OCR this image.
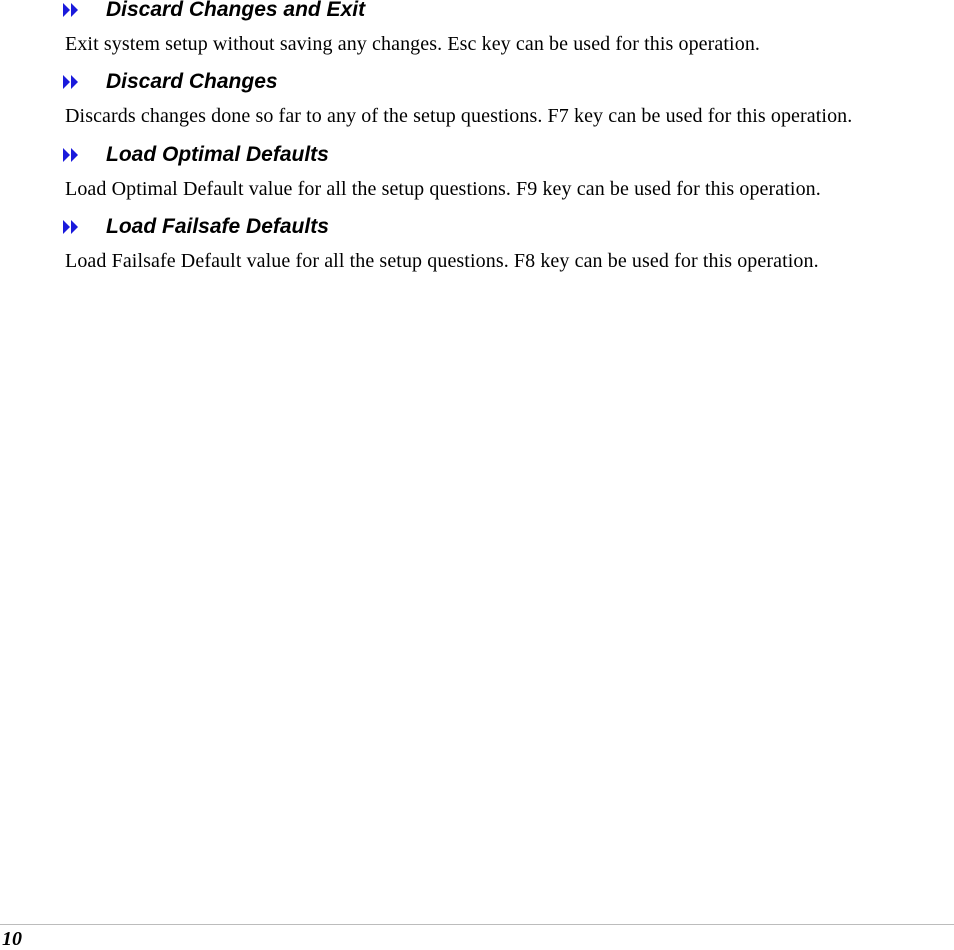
Discard Changes and Exit
Exit system setup without saving any changes. Esc key can be used for this operation.
Discard Changes
Discards changes done so far to any of the setup questions. F7 key can be used for this operation.
Load Optimal Defaults
Load Optimal Default value for all the setup questions. F9 key can be used for this operation.
Load Failsafe Defaults
Load Failsafe Default value for all the setup questions. F8 key can be used for this operation.
10
